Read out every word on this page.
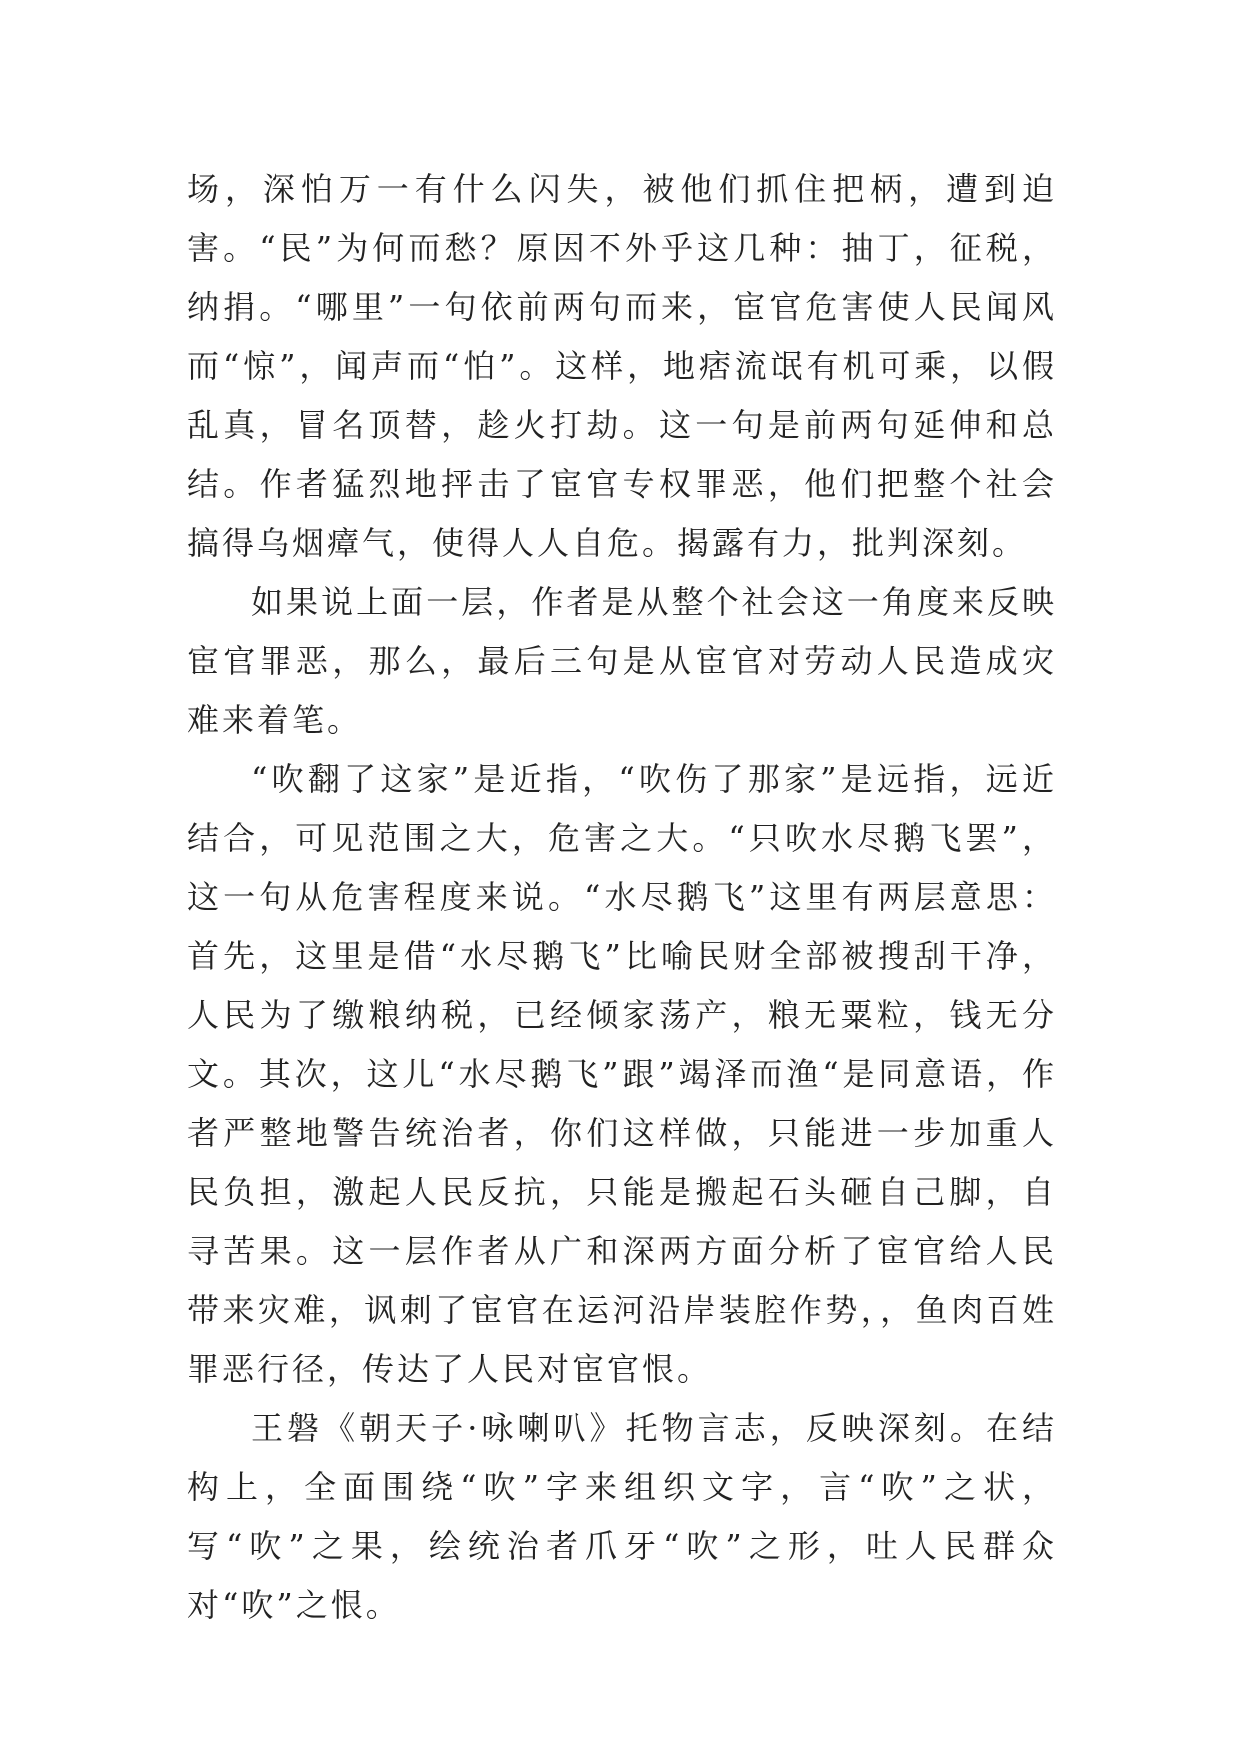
场，深怕万一有什么闪失，被他们抓住把柄，遭到迫害。“民”为何而愁？原因不外乎这几种：抽丁，征税，纳捐。“哪里”一句依前两句而来，宦官危害使人民闻风而“惊”，闻声而“怕”。这样，地痞流氓有机可乘，以假乱真，冒名顶替，趁火打劫。这一句是前两句延伸和总结。作者猛烈地抨击了宦官专权罪恶，他们把整个社会搞得乌烟瘴气，使得人人自危。揭露有力，批判深刻。

如果说上面一层，作者是从整个社会这一角度来反映宦官罪恶，那么，最后三句是从宦官对劳动人民造成灾难来着笔。

“吹翻了这家”是近指，“吹伤了那家”是远指，远近结合，可见范围之大，危害之大。“只吹水尽鹅飞罢”，这一句从危害程度来说。“水尽鹅飞”这里有两层意思：首先，这里是借“水尽鹅飞”比喻民财全部被搜刮干净，人民为了缴粮纳税，已经倾家荡产，粮无粟粒，钱无分文。其次，这儿“水尽鹅飞”跟”竭泽而渔“是同意语，作者严整地警告统治者，你们这样做，只能进一步加重人民负担，激起人民反抗，只能是搬起石头砸自己脚，自寻苦果。这一层作者从广和深两方面分析了宦官给人民带来灾难，讽刺了宦官在运河沿岸装腔作势，，鱼肉百姓罪恶行径，传达了人民对宦官恨。

王磐《朝天子·咏喇叭》托物言志，反映深刻。在结构上，全面围绕“吹”字来组织文字，言“吹”之状，写“吹”之果，绘统治者爪牙“吹”之形，吐人民群众对“吹”之恨。
